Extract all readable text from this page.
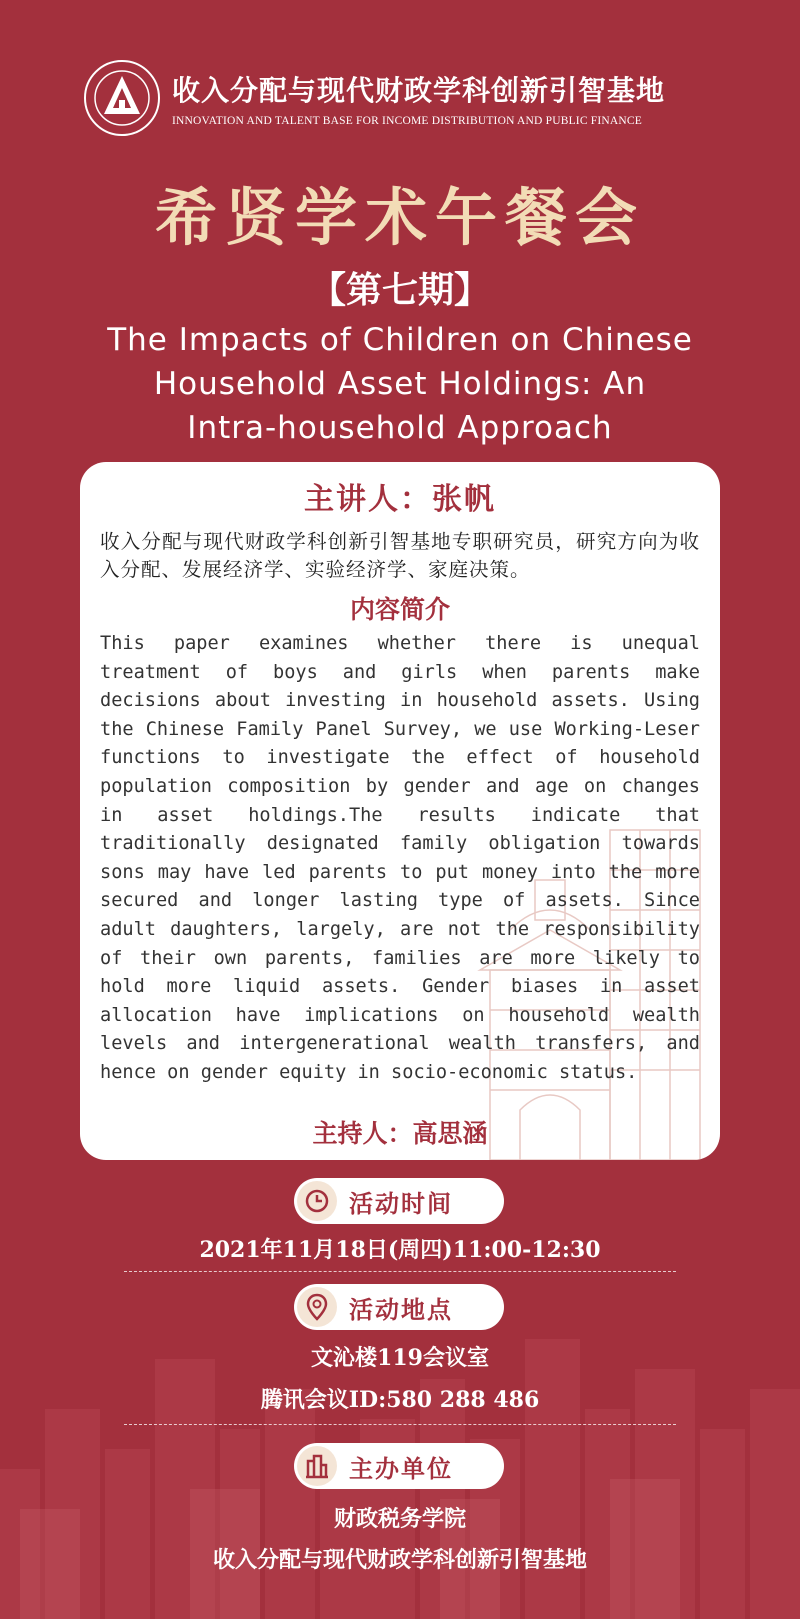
收入分配与现代财政学科创新引智基地
INNOVATION AND TALENT BASE FOR INCOME DISTRIBUTION AND PUBLIC FINANCE
希贤学术午餐会
【第七期】
The Impacts of Children on Chinese
Household Asset Holdings: An
Intra-household Approach
主讲人：张帆
收入分配与现代财政学科创新引智基地专职研究员，研究方向为收入分配、发展经济学、实验经济学、家庭决策。
内容简介
This paper examines whether there is unequal treatment of boys and girls when parents make decisions about investing in household assets. Using the Chinese Family Panel Survey, we use Working-Leser functions to investigate the effect of household population composition by gender and age on changes in asset holdings.The results indicate that traditionally designated family obligation towards sons may have led parents to put money into the more secured and longer lasting type of assets. Since adult daughters, largely, are not the responsibility of their own parents, families are more likely to hold more liquid assets. Gender biases in asset allocation have implications on household wealth levels and intergenerational wealth transfers, and hence on gender equity in socio-economic status.
主持人：高思涵
活动时间
2021年11月18日(周四)11:00-12:30
活动地点
文沁楼119会议室
腾讯会议ID:580 288 486
主办单位
财政税务学院
收入分配与现代财政学科创新引智基地
